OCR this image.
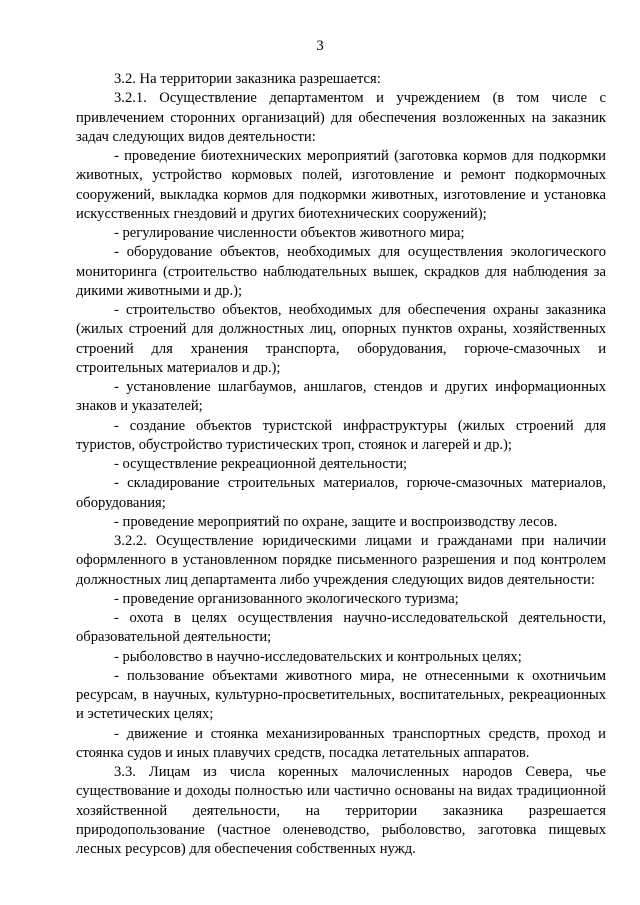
3

3.2. На территории заказника разрешается:

3.2.1. Осуществление департаментом и учреждением (в том числе с привлечением сторонних организаций) для обеспечения возложенных на заказник задач следующих видов деятельности:

- проведение биотехнических мероприятий (заготовка кормов для подкормки животных, устройство кормовых полей, изготовление и ремонт подкормочных сооружений, выкладка кормов для подкормки животных, изготовление и установка искусственных гнездовий и других биотехнических сооружений);

- регулирование численности объектов животного мира;

- оборудование объектов, необходимых для осуществления экологического мониторинга (строительство наблюдательных вышек, скрадков для наблюдения за дикими животными и др.);

- строительство объектов, необходимых для обеспечения охраны заказника (жилых строений для должностных лиц, опорных пунктов охраны, хозяйственных строений для хранения транспорта, оборудования, горюче-смазочных и строительных материалов и др.);

- установление шлагбаумов, аншлагов, стендов и других информационных знаков и указателей;

- создание объектов туристской инфраструктуры (жилых строений для туристов, обустройство туристических троп, стоянок и лагерей и др.);

- осуществление рекреационной деятельности;

- складирование строительных материалов, горюче-смазочных материалов, оборудования;

- проведение мероприятий по охране, защите и воспроизводству лесов.

3.2.2. Осуществление юридическими лицами и гражданами при наличии оформленного в установленном порядке письменного разрешения и под контролем должностных лиц департамента либо учреждения следующих видов деятельности:

- проведение организованного экологического туризма;

- охота в целях осуществления научно-исследовательской деятельности, образовательной деятельности;

- рыболовство в научно-исследовательских и контрольных целях;

- пользование объектами животного мира, не отнесенными к охотничьим ресурсам, в научных, культурно-просветительных, воспитательных, рекреационных и эстетических целях;

- движение и стоянка механизированных транспортных средств, проход и стоянка судов и иных плавучих средств, посадка летательных аппаратов.

3.3. Лицам из числа коренных малочисленных народов Севера, чье существование и доходы полностью или частично основаны на видах традиционной хозяйственной деятельности, на территории заказника разрешается природопользование (частное оленеводство, рыболовство, заготовка пищевых лесных ресурсов) для обеспечения собственных нужд.
